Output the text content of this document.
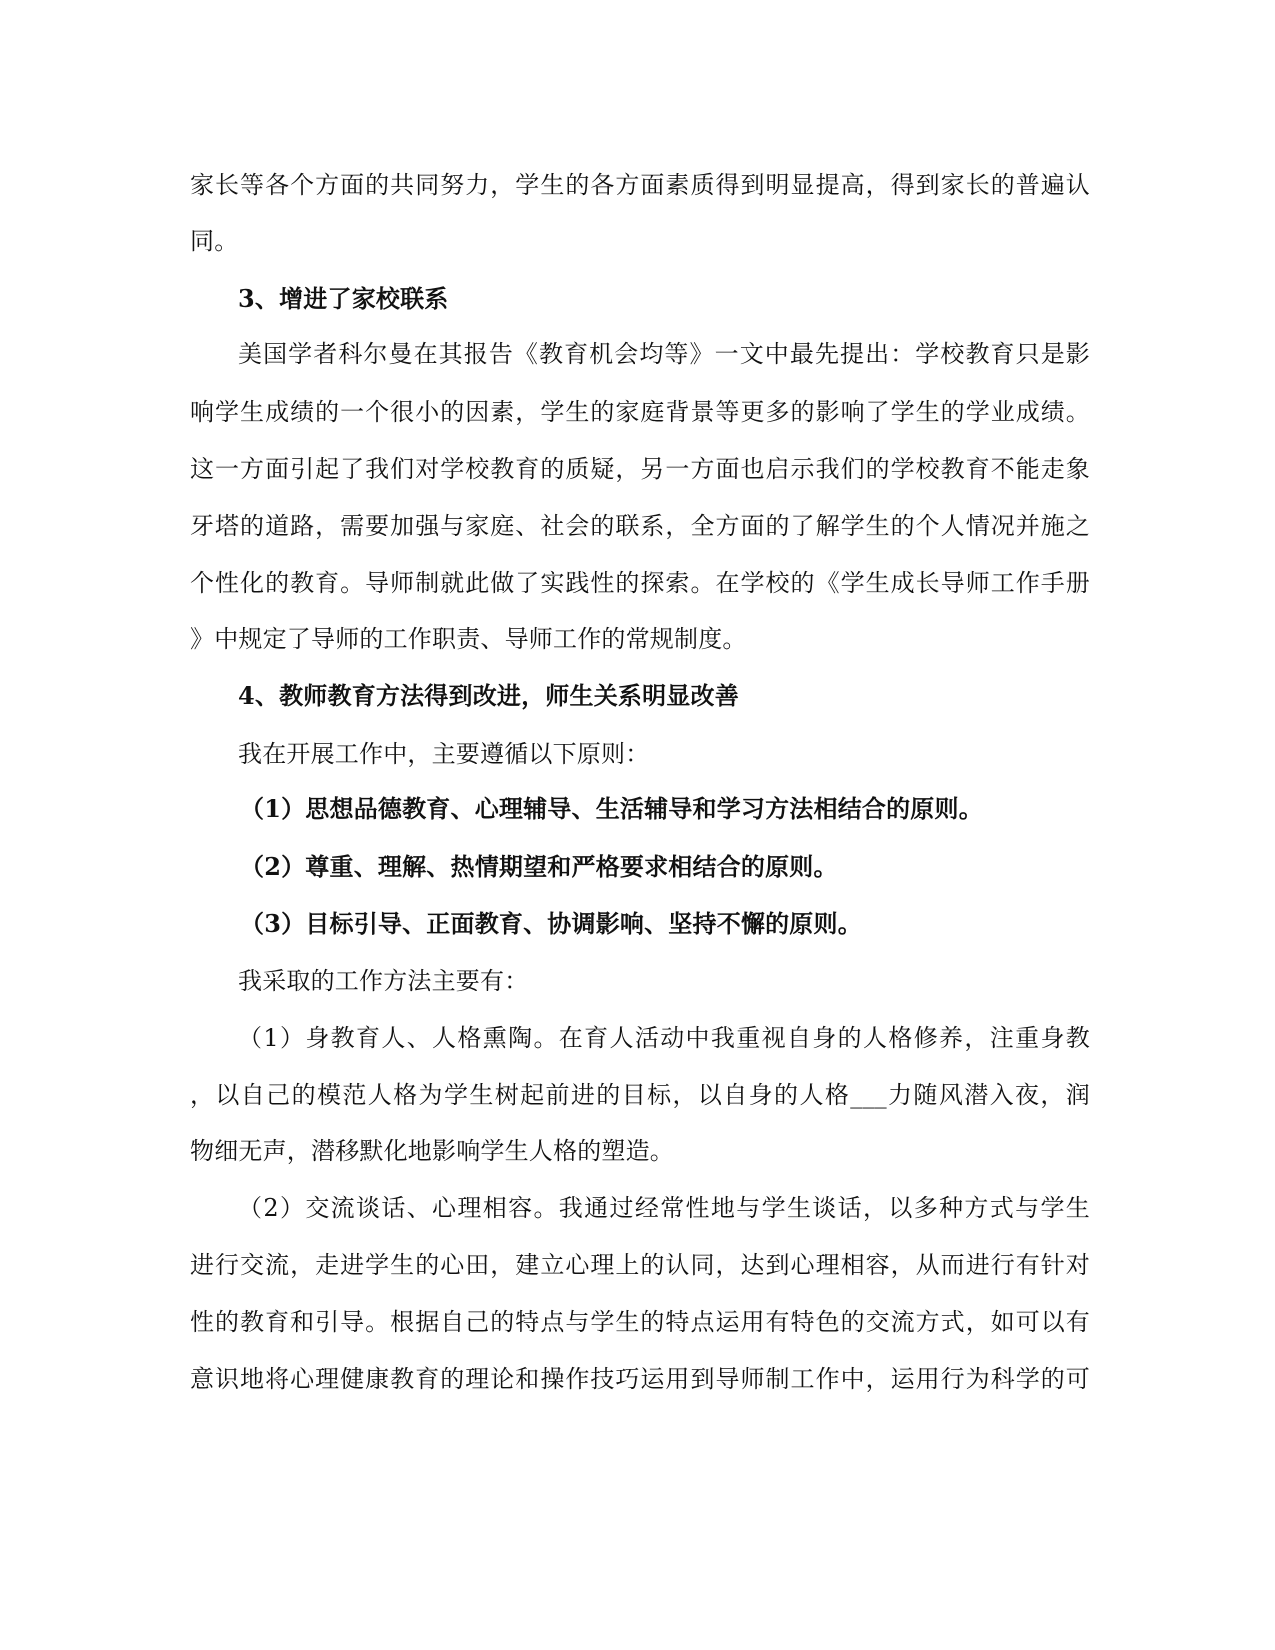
家长等各个方面的共同努力，学生的各方面素质得到明显提高，得到家长的普遍认
同。
3、增进了家校联系
美国学者科尔曼在其报告《教育机会均等》一文中最先提出：学校教育只是影
响学生成绩的一个很小的因素，学生的家庭背景等更多的影响了学生的学业成绩。
这一方面引起了我们对学校教育的质疑，另一方面也启示我们的学校教育不能走象
牙塔的道路，需要加强与家庭、社会的联系，全方面的了解学生的个人情况并施之
个性化的教育。导师制就此做了实践性的探索。在学校的《学生成长导师工作手册
》中规定了导师的工作职责、导师工作的常规制度。
4、教师教育方法得到改进，师生关系明显改善
我在开展工作中，主要遵循以下原则：
（1）思想品德教育、心理辅导、生活辅导和学习方法相结合的原则。
（2）尊重、理解、热情期望和严格要求相结合的原则。
（3）目标引导、正面教育、协调影响、坚持不懈的原则。
我采取的工作方法主要有：
（1）身教育人、人格熏陶。在育人活动中我重视自身的人格修养，注重身教
，以自己的模范人格为学生树起前进的目标，以自身的人格___力随风潜入夜，润
物细无声，潜移默化地影响学生人格的塑造。
（2）交流谈话、心理相容。我通过经常性地与学生谈话，以多种方式与学生
进行交流，走进学生的心田，建立心理上的认同，达到心理相容，从而进行有针对
性的教育和引导。根据自己的特点与学生的特点运用有特色的交流方式，如可以有
意识地将心理健康教育的理论和操作技巧运用到导师制工作中，运用行为科学的可
